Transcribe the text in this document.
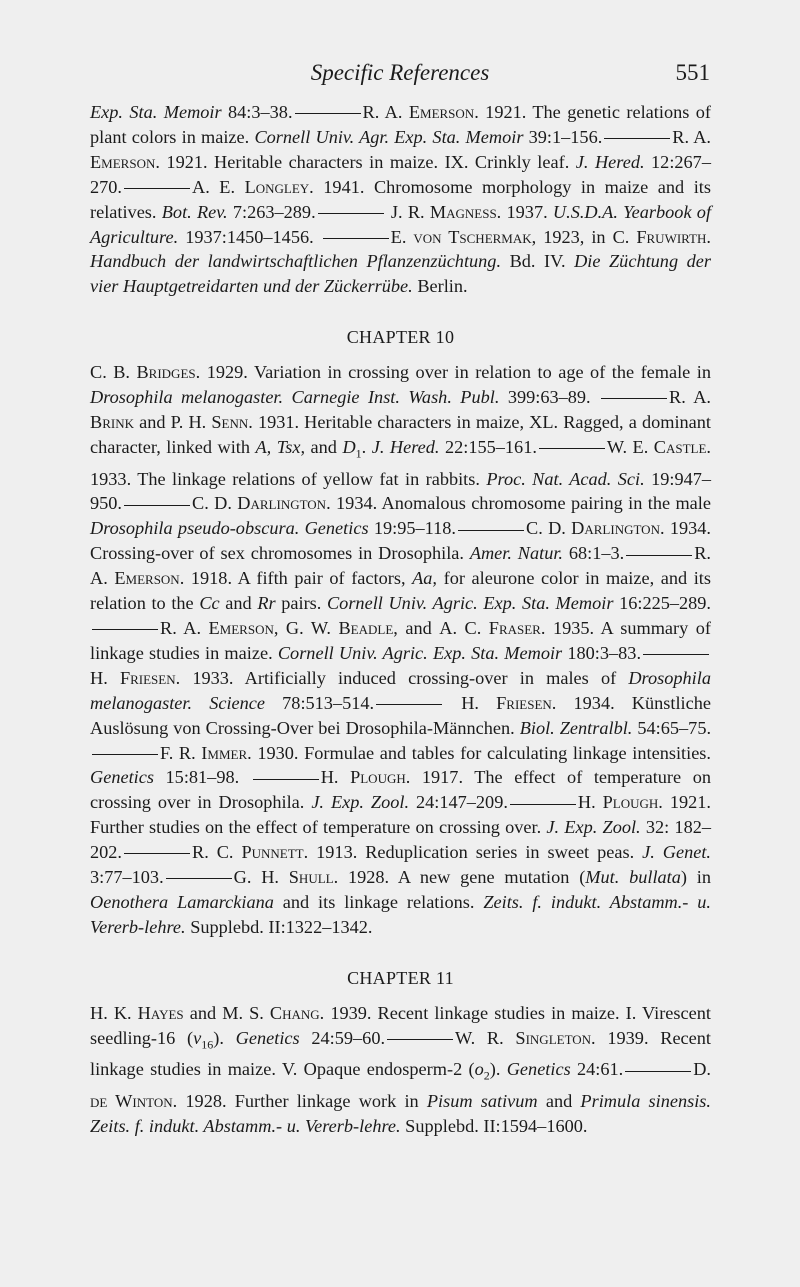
Specific References	551

Exp. Sta. Memoir 84:3–38.	R. A. Emerson. 1921. The genetic relations of plant colors in maize. Cornell Univ. Agr. Exp. Sta. Memoir 39:1–156.	R. A. Emerson. 1921. Heritable characters in maize. IX. Crinkly leaf. J. Hered. 12:267–270.	A. E. Longley. 1941. Chromosome morphology in maize and its relatives. Bot. Rev. 7:263–289.	J. R. Magness. 1937. U.S.D.A. Yearbook of Agriculture. 1937:1450–1456.	E. von Tschermak, 1923, in C. Fruwirth. Handbuch der landwirtschaftlichen Pflanzenzüchtung. Bd. IV. Die Züchtung der vier Hauptgetreidarten und der Zückerrübe. Berlin.

CHAPTER 10

C. B. Bridges. 1929. Variation in crossing over in relation to age of the female in Drosophila melanogaster. Carnegie Inst. Wash. Publ. 399:63–89.	R. A. Brink and P. H. Senn. 1931. Heritable characters in maize, XL. Ragged, a dominant character, linked with A, Tsx, and $D_1$. J. Hered. 22:155–161.	W. E. Castle. 1933. The linkage relations of yellow fat in rabbits. Proc. Nat. Acad. Sci. 19:947–950.	C. D. Darlington. 1934. Anomalous chromosome pairing in the male Drosophila pseudo-obscura. Genetics 19:95–118.	C. D. Darlington. 1934. Crossing-over of sex chromosomes in Drosophila. Amer. Natur. 68:1–3.	R. A. Emerson. 1918. A fifth pair of factors, Aa, for aleurone color in maize, and its relation to the Cc and Rr pairs. Cornell Univ. Agric. Exp. Sta. Memoir 16:225–289.R. A. Emerson, G. W. Beadle, and A. C. Fraser. 1935. A summary of linkage studies in maize. Cornell Univ. Agric. Exp. Sta. Memoir 180:3–83.H. Friesen. 1933. Artificially induced crossing-over in males of Drosophila melanogaster. Science 78:513–514.	H. Friesen. 1934. Künstliche Auslösung von Crossing-Over bei Drosophila-Männchen. Biol. Zentralbl. 54:65–75.F. R. Immer. 1930. Formulae and tables for calculating linkage intensities. Genetics 15:81–98.	H. Plough. 1917. The effect of temperature on crossing over in Drosophila. J. Exp. Zool. 24:147–209.	H. Plough. 1921. Further studies on the effect of temperature on crossing over. J. Exp. Zool. 32: 182–202.	R. C. Punnett. 1913. Reduplication series in sweet peas. J. Genet. 3:77–103.	G. H. Shull. 1928. A new gene mutation (Mut. bullata) in Oenothera Lamarckiana and its linkage relations. Zeits. f. indukt. Abstamm.- u. Vererb-lehre. Supplebd. II:1322–1342.

CHAPTER 11

H. K. Hayes and M. S. Chang. 1939. Recent linkage studies in maize. I. Virescent seedling-16 $(v_{16})$. Genetics 24:59–60.	W. R. Singleton. 1939. Recent linkage studies in maize. V. Opaque endosperm-2 $(o_2)$. Genetics 24:61.	D. de Winton. 1928. Further linkage work in Pisum sativum and Primula sinensis. Zeits. f. indukt. Abstamm.- u. Vererb-lehre. Supplebd. II:1594–1600.
